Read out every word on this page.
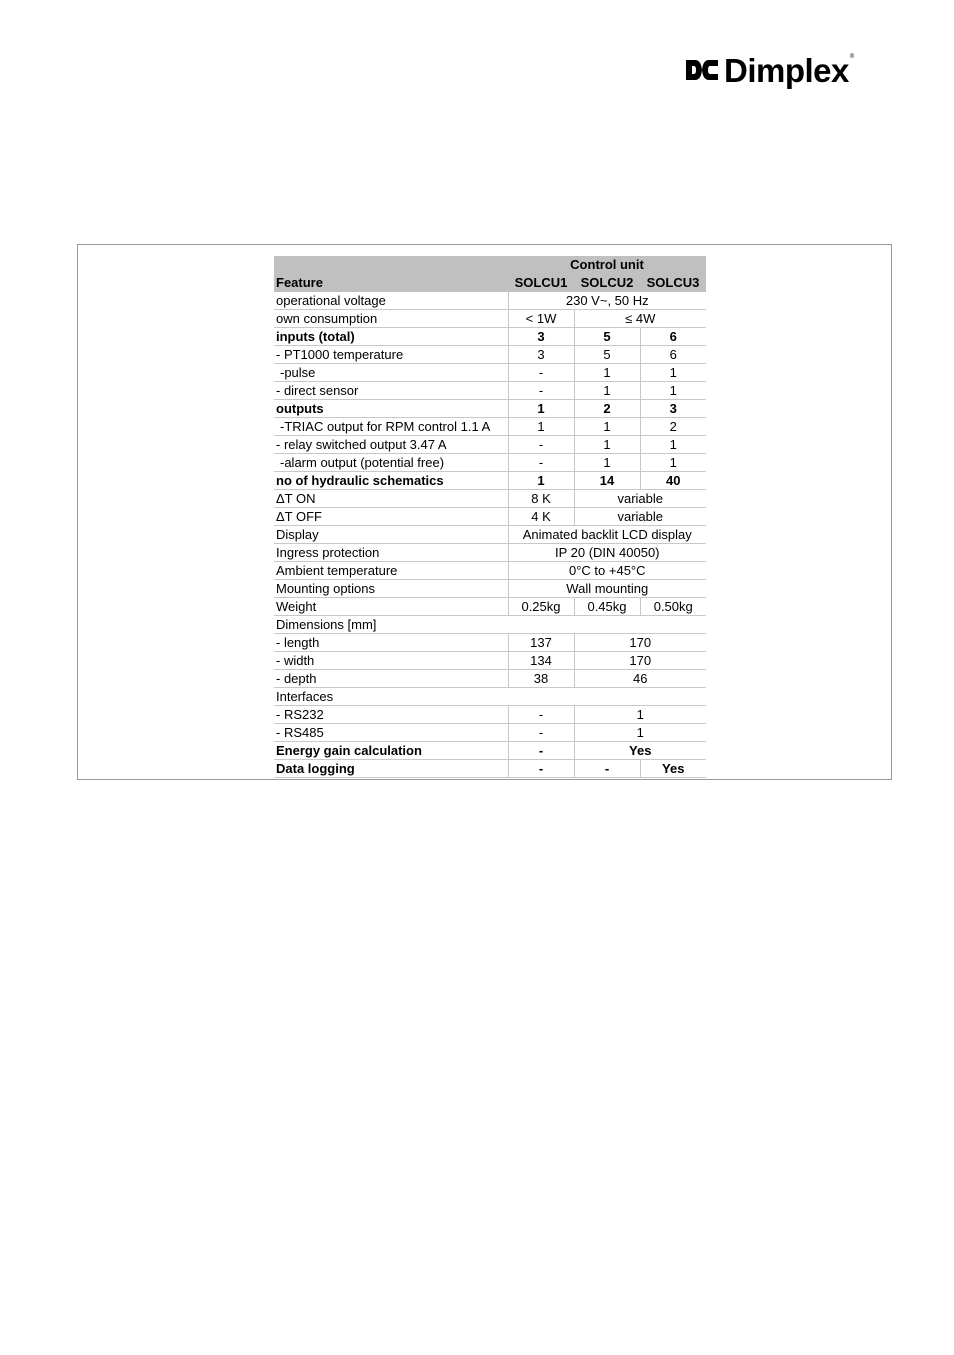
Dimplex ®
	Control unit		
Feature	SOLCU1	SOLCU2	SOLCU3
operational voltage	230 V~, 50 Hz		
own consumption	< 1W	≤ 4W	
inputs (total)	3	5	6
- PT1000 temperature	3	5	6
-pulse	-	1	1
- direct sensor	-	1	1
outputs	1	2	3
-TRIAC output for RPM control 1.1 A	1	1	2
- relay switched output 3.47 A	-	1	1
-alarm output (potential free)	-	1	1
no of hydraulic schematics	1	14	40
ΔT ON	8 K	variable	
ΔT OFF	4 K	variable	
Display	Animated backlit LCD display		
Ingress protection	IP 20 (DIN 40050)		
Ambient temperature	0°C to +45°C		
Mounting options	Wall mounting		
Weight	0.25kg	0.45kg	0.50kg
Dimensions [mm]			
- length	137	170	
- width	134	170	
- depth	38	46	
Interfaces			
- RS232	-	1	
- RS485	-	1	
Energy gain calculation	-	Yes	
Data logging	-	-	Yes
